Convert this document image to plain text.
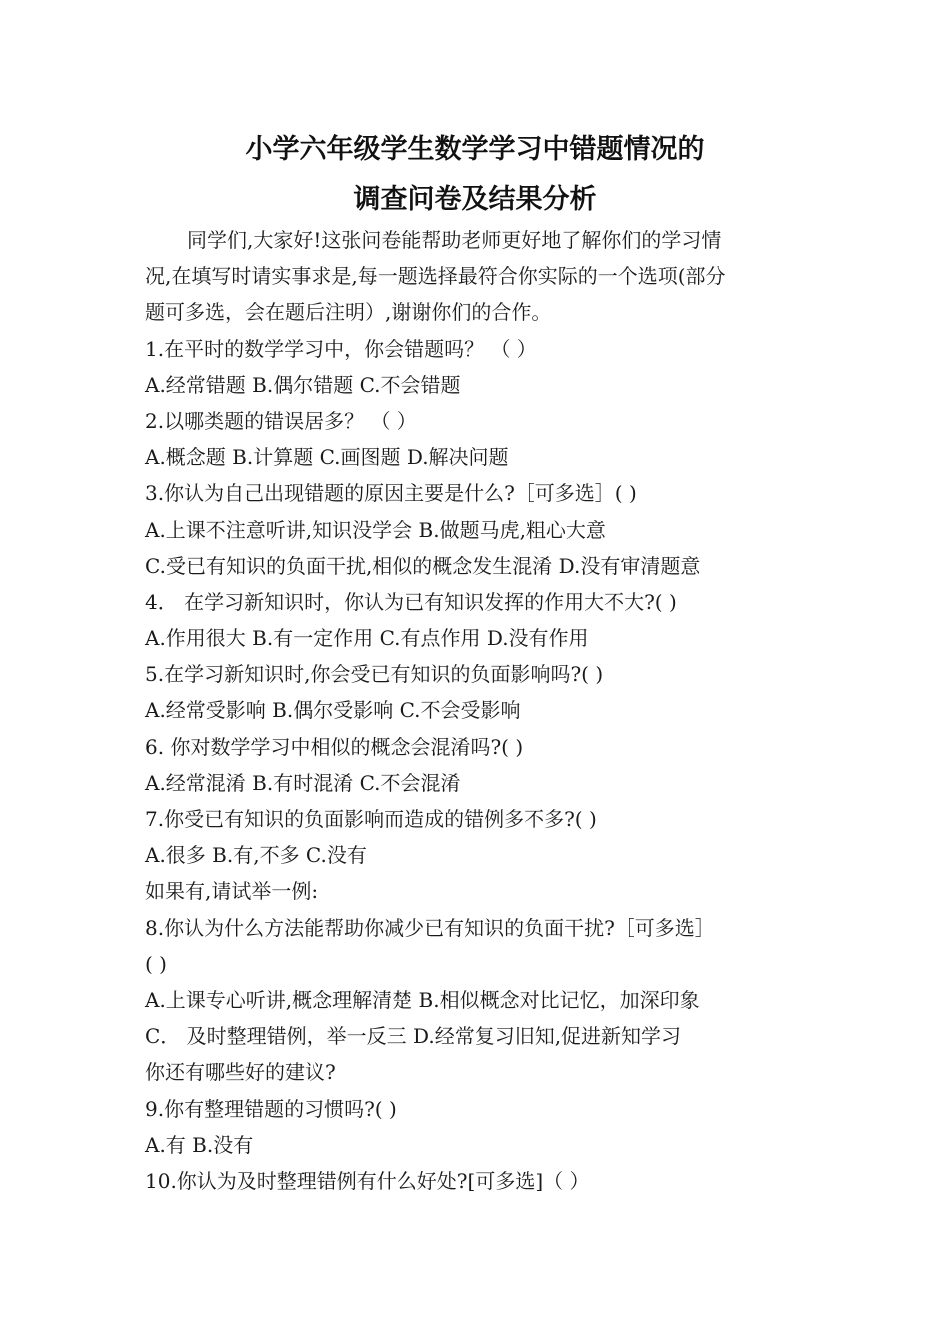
小学六年级学生数学学习中错题情况的
调查问卷及结果分析
同学们,大家好!这张问卷能帮助老师更好地了解你们的学习情
况,在填写时请实事求是,每一题选择最符合你实际的一个选项(部分
题可多选，会在题后注明）,谢谢你们的合作。
1.在平时的数学学习中，你会错题吗？ （ ）
A.经常错题 B.偶尔错题 C.不会错题
2.以哪类题的错误居多？ （ ）
A.概念题 B.计算题 C.画图题 D.解决问题
3.你认为自己出现错题的原因主要是什么?［可多选］( )
A.上课不注意听讲,知识没学会 B.做题马虎,粗心大意
C.受已有知识的负面干扰,相似的概念发生混淆 D.没有审清题意
4． 在学习新知识时，你认为已有知识发挥的作用大不大?( )
A.作用很大 B.有一定作用 C.有点作用 D.没有作用
5.在学习新知识时,你会受已有知识的负面影响吗?( )
A.经常受影响 B.偶尔受影响 C.不会受影响
6. 你对数学学习中相似的概念会混淆吗?( )
A.经常混淆 B.有时混淆 C.不会混淆
7.你受已有知识的负面影响而造成的错例多不多?( )
A.很多 B.有,不多 C.没有
如果有,请试举一例:
8.你认为什么方法能帮助你减少已有知识的负面干扰?［可多选］
( )
A.上课专心听讲,概念理解清楚 B.相似概念对比记忆，加深印象
C． 及时整理错例，举一反三 D.经常复习旧知,促进新知学习
你还有哪些好的建议?
9.你有整理错题的习惯吗?( )
A.有 B.没有
10.你认为及时整理错例有什么好处?[可多选]（ ）
